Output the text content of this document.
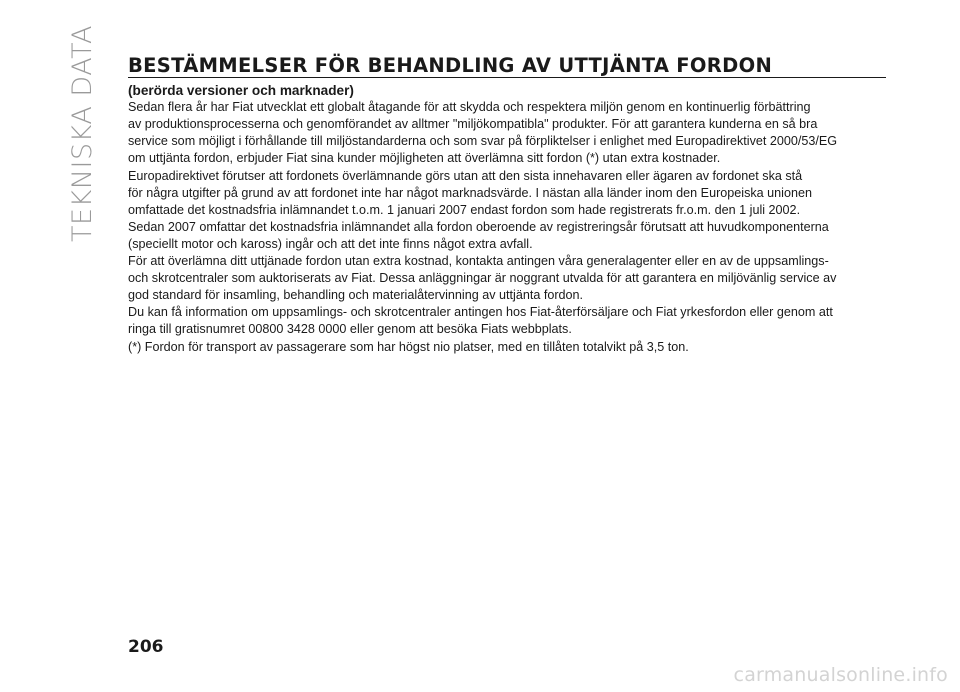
TEKNISKA DATA BESTÄMMELSER FÖR BEHANDLING AV UTTJÄNTA FORDON

(berörda versioner och marknader)

Sedan flera år har Fiat utvecklat ett globalt åtagande för att skydda och respektera miljön genom en kontinuerlig förbättring
av produktionsprocesserna och genomförandet av alltmer "miljökompatibla" produkter. För att garantera kunderna en så bra
service som möjligt i förhållande till miljöstandarderna och som svar på förpliktelser i enlighet med Europadirektivet 2000/53/EG
om uttjänta fordon, erbjuder Fiat sina kunder möjligheten att överlämna sitt fordon (*) utan extra kostnader.

Europadirektivet förutser att fordonets överlämnande görs utan att den sista innehavaren eller ägaren av fordonet ska stå
för några utgifter på grund av att fordonet inte har något marknadsvärde. I nästan alla länder inom den Europeiska unionen
omfattade det kostnadsfria inlämnandet t.o.m. 1 januari 2007 endast fordon som hade registrerats fr.o.m. den 1 juli 2002.

Sedan 2007 omfattar det kostnadsfria inlämnandet alla fordon oberoende av registreringsår förutsatt att huvudkomponenterna
(speciellt motor och kaross) ingår och att det inte finns något extra avfall.

För att överlämna ditt uttjänade fordon utan extra kostnad, kontakta antingen våra generalagenter eller en av de uppsamlings-
och skrotcentraler som auktoriserats av Fiat. Dessa anläggningar är noggrant utvalda för att garantera en miljövänlig service av
god standard för insamling, behandling och materialåtervinning av uttjänta fordon.

Du kan få information om uppsamlings- och skrotcentraler antingen hos Fiat-återförsäljare och Fiat yrkesfordon eller genom att
ringa till gratisnumret 00800 3428 0000 eller genom att besöka Fiats webbplats.

(*) Fordon för transport av passagerare som har högst nio platser, med en tillåten totalvikt på 3,5 ton.

206
carmanualsonline.info
